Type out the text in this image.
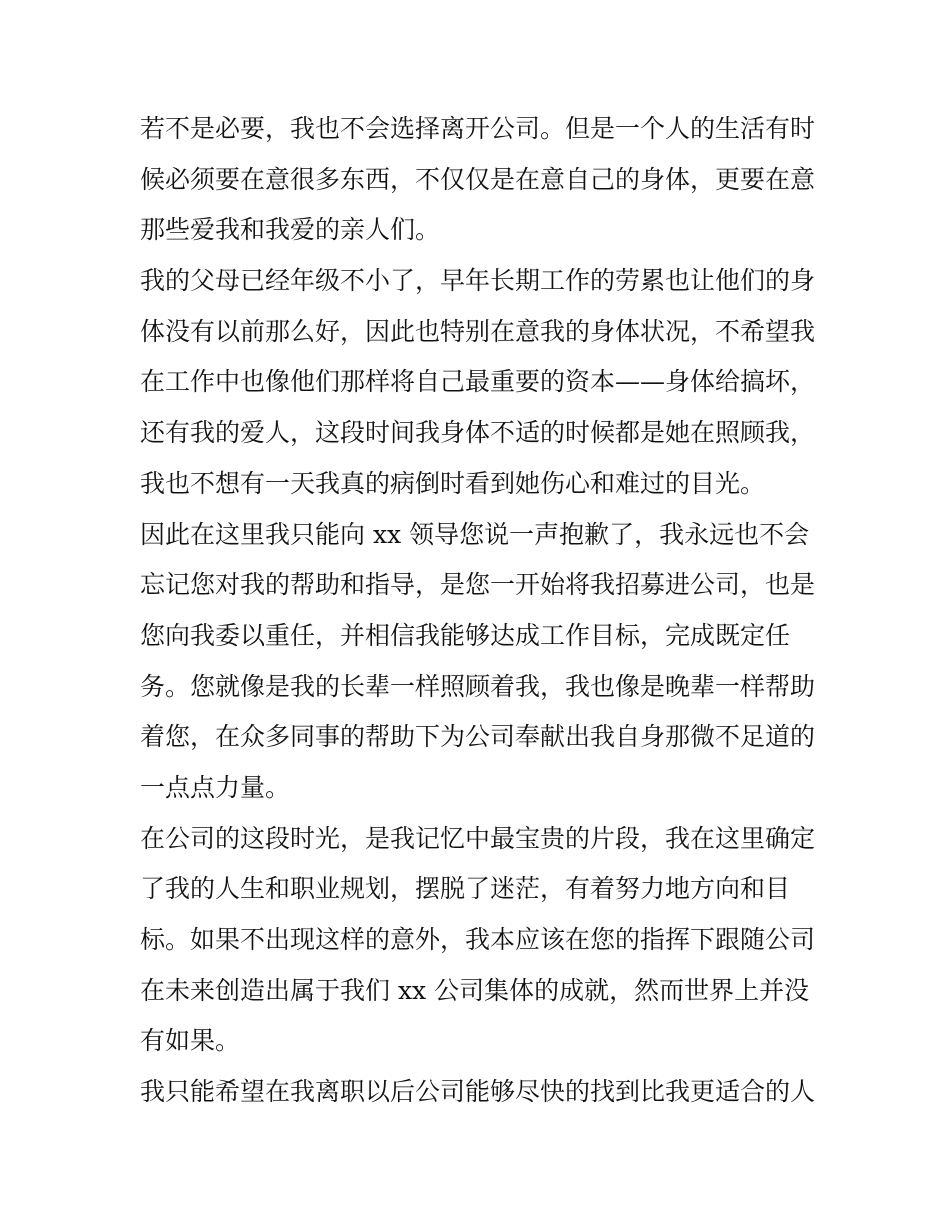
若不是必要，我也不会选择离开公司。但是一个人的生活有时
候必须要在意很多东西，不仅仅是在意自己的身体，更要在意
那些爱我和我爱的亲人们。
我的父母已经年级不小了，早年长期工作的劳累也让他们的身
体没有以前那么好，因此也特别在意我的身体状况，不希望我
在工作中也像他们那样将自己最重要的资本——身体给搞坏，
还有我的爱人，这段时间我身体不适的时候都是她在照顾我，
我也不想有一天我真的病倒时看到她伤心和难过的目光。
因此在这里我只能向 xx 领导您说一声抱歉了，我永远也不会
忘记您对我的帮助和指导，是您一开始将我招募进公司，也是
您向我委以重任，并相信我能够达成工作目标，完成既定任
务。您就像是我的长辈一样照顾着我，我也像是晚辈一样帮助
着您，在众多同事的帮助下为公司奉献出我自身那微不足道的
一点点力量。
在公司的这段时光，是我记忆中最宝贵的片段，我在这里确定
了我的人生和职业规划，摆脱了迷茫，有着努力地方向和目
标。如果不出现这样的意外，我本应该在您的指挥下跟随公司
在未来创造出属于我们 xx 公司集体的成就，然而世界上并没
有如果。
我只能希望在我离职以后公司能够尽快的找到比我更适合的人
